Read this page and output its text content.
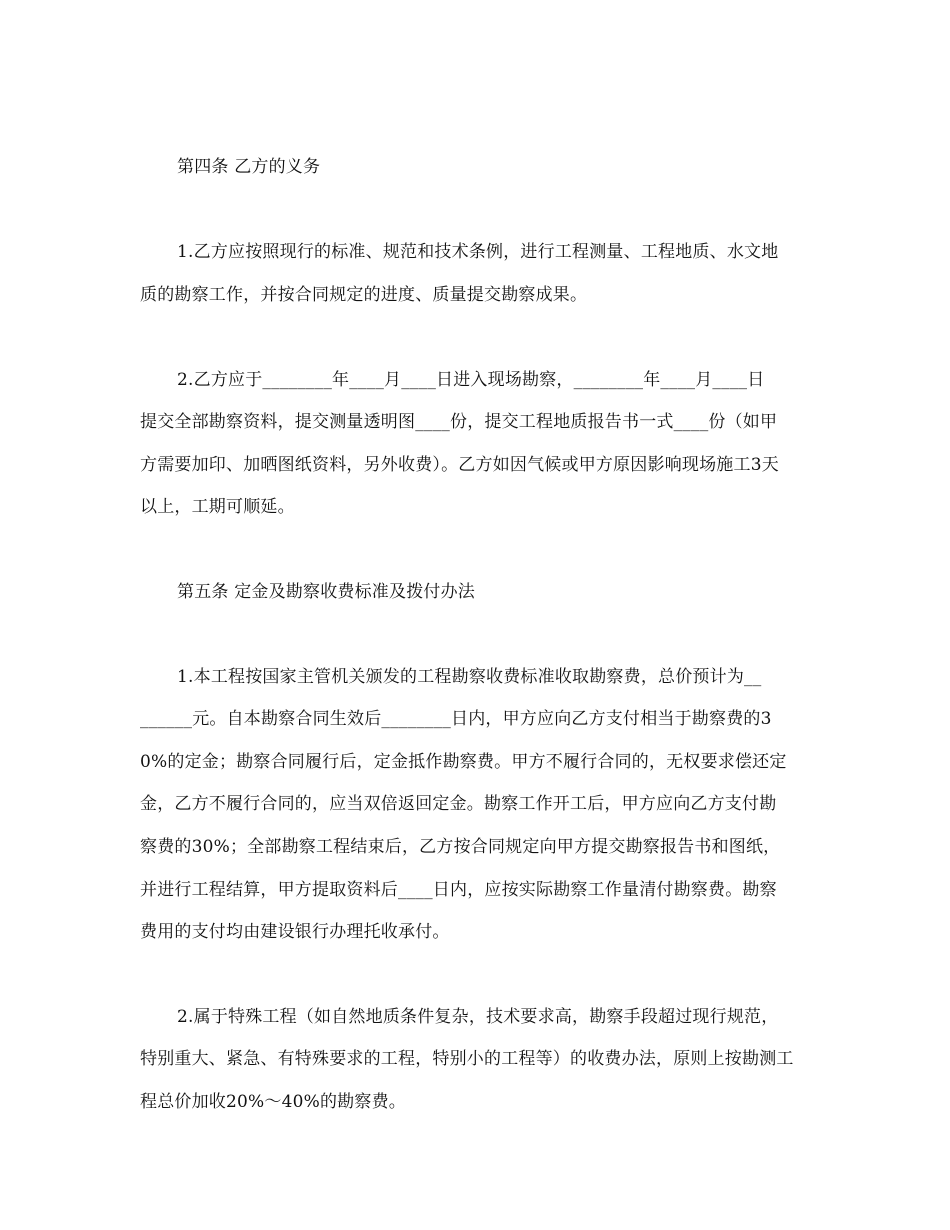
第四条 乙方的义务
1.乙方应按照现行的标准、规范和技术条例，进行工程测量、工程地质、水文地
质的勘察工作，并按合同规定的进度、质量提交勘察成果。
2.乙方应于________年____月____日进入现场勘察，________年____月____日
提交全部勘察资料，提交测量透明图____份，提交工程地质报告书一式____份（如甲
方需要加印、加晒图纸资料，另外收费）。乙方如因气候或甲方原因影响现场施工3天
以上，工期可顺延。
第五条 定金及勘察收费标准及拨付办法
1.本工程按国家主管机关颁发的工程勘察收费标准收取勘察费，总价预计为__
______元。自本勘察合同生效后________日内，甲方应向乙方支付相当于勘察费的3
0%的定金；勘察合同履行后，定金抵作勘察费。甲方不履行合同的，无权要求偿还定
金，乙方不履行合同的，应当双倍返回定金。勘察工作开工后，甲方应向乙方支付勘
察费的30%；全部勘察工程结束后，乙方按合同规定向甲方提交勘察报告书和图纸，
并进行工程结算，甲方提取资料后____日内，应按实际勘察工作量清付勘察费。勘察
费用的支付均由建设银行办理托收承付。
2.属于特殊工程（如自然地质条件复杂，技术要求高，勘察手段超过现行规范，
特别重大、紧急、有特殊要求的工程，特别小的工程等）的收费办法，原则上按勘测工
程总价加收20%～40%的勘察费。
